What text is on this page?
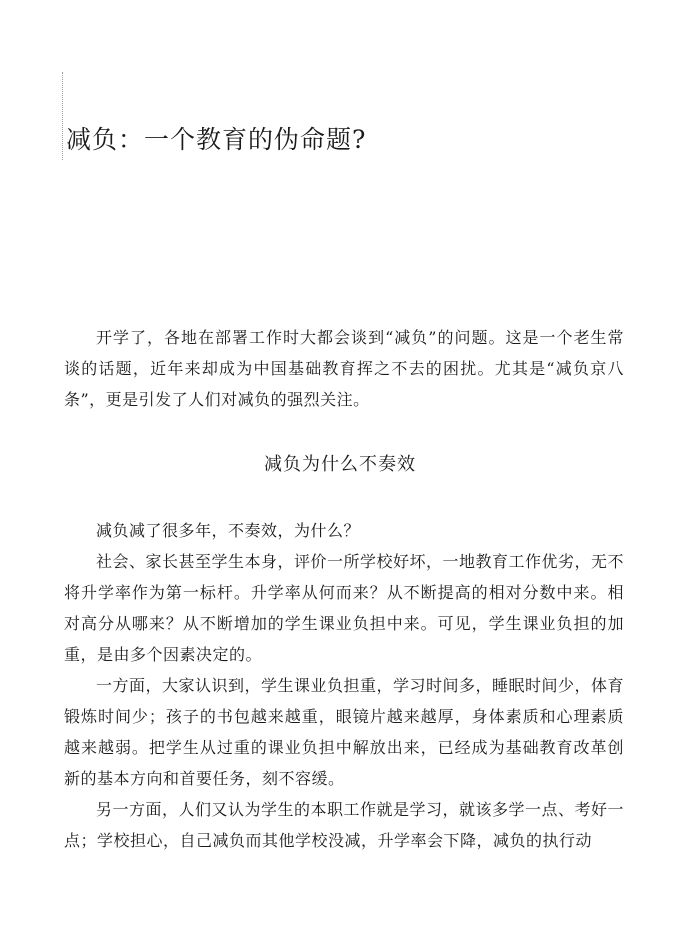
减负：一个教育的伪命题?

开学了，各地在部署工作时大都会谈到“减负”的问题。这是一个老生常谈的话题，近年来却成为中国基础教育挥之不去的困扰。尤其是“减负京八条”，更是引发了人们对减负的强烈关注。

减负为什么不奏效

减负减了很多年，不奏效，为什么？

社会、家长甚至学生本身，评价一所学校好坏，一地教育工作优劣，无不将升学率作为第一标杆。升学率从何而来？从不断提高的相对分数中来。相对高分从哪来？从不断增加的学生课业负担中来。可见，学生课业负担的加重，是由多个因素决定的。

一方面，大家认识到，学生课业负担重，学习时间多，睡眠时间少，体育锻炼时间少；孩子的书包越来越重，眼镜片越来越厚，身体素质和心理素质越来越弱。把学生从过重的课业负担中解放出来，已经成为基础教育改革创新的基本方向和首要任务，刻不容缓。

另一方面，人们又认为学生的本职工作就是学习，就该多学一点、考好一点；学校担心，自己减负而其他学校没减，升学率会下降，减负的执行动
